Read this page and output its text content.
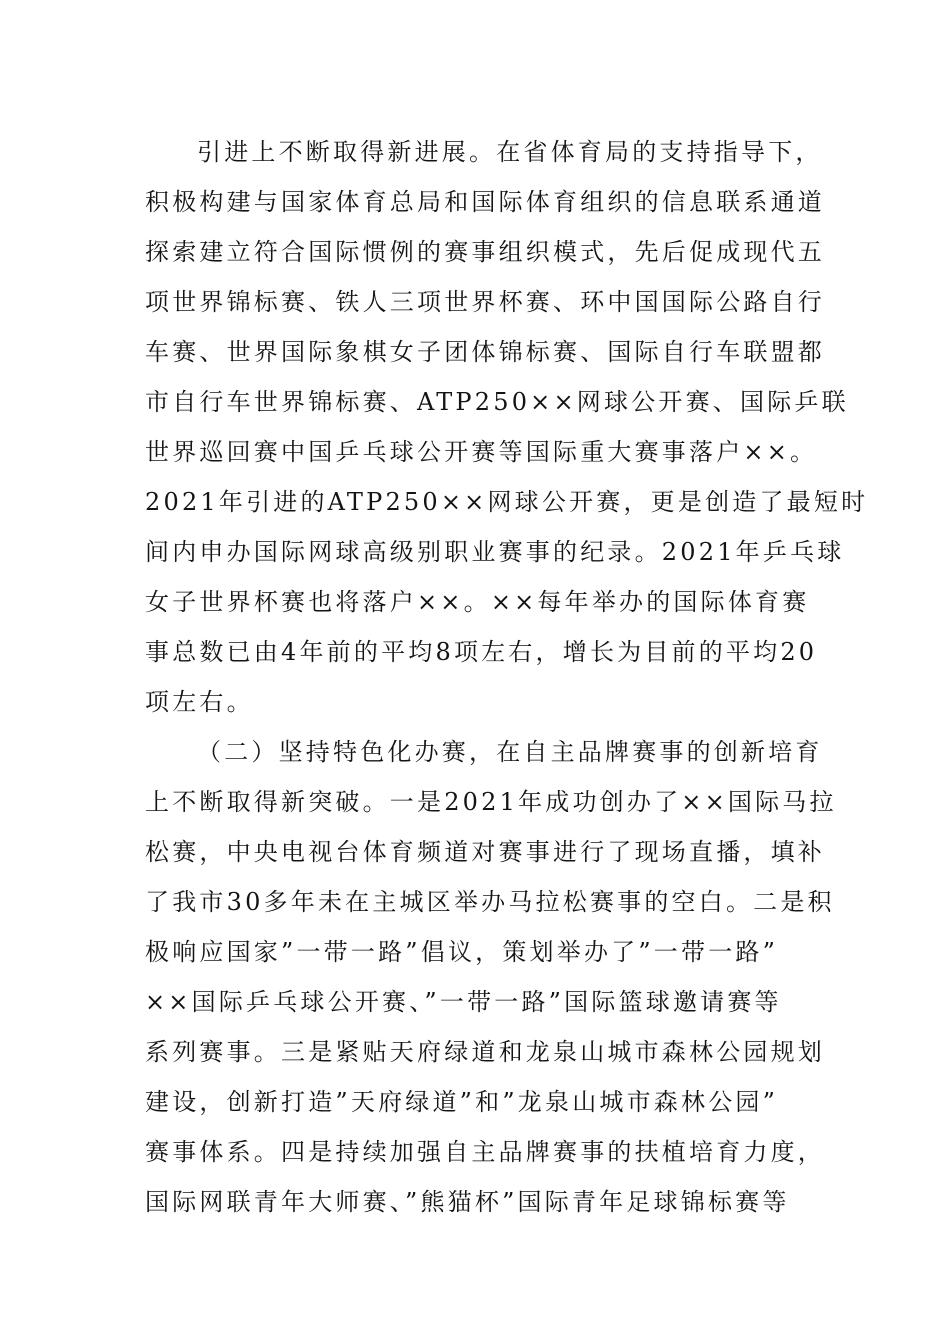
引进上不断取得新进展。在省体育局的支持指导下，
积极构建与国家体育总局和国际体育组织的信息联系通道
探索建立符合国际惯例的赛事组织模式，先后促成现代五
项世界锦标赛、铁人三项世界杯赛、环中国国际公路自行
车赛、世界国际象棋女子团体锦标赛、国际自行车联盟都
市自行车世界锦标赛、ATP250××网球公开赛、国际乒联
世界巡回赛中国乒乓球公开赛等国际重大赛事落户××。
2021年引进的ATP250××网球公开赛，更是创造了最短时
间内申办国际网球高级别职业赛事的纪录。2021年乒乓球
女子世界杯赛也将落户××。××每年举办的国际体育赛
事总数已由4年前的平均8项左右，增长为目前的平均20
项左右。
（二）坚持特色化办赛，在自主品牌赛事的创新培育
上不断取得新突破。一是2021年成功创办了××国际马拉
松赛，中央电视台体育频道对赛事进行了现场直播，填补
了我市30多年未在主城区举办马拉松赛事的空白。二是积
极响应国家”一带一路”倡议，策划举办了”一带一路”
××国际乒乓球公开赛、”一带一路”国际篮球邀请赛等
系列赛事。三是紧贴天府绿道和龙泉山城市森林公园规划
建设，创新打造”天府绿道”和”龙泉山城市森林公园”
赛事体系。四是持续加强自主品牌赛事的扶植培育力度，
国际网联青年大师赛、”熊猫杯”国际青年足球锦标赛等
